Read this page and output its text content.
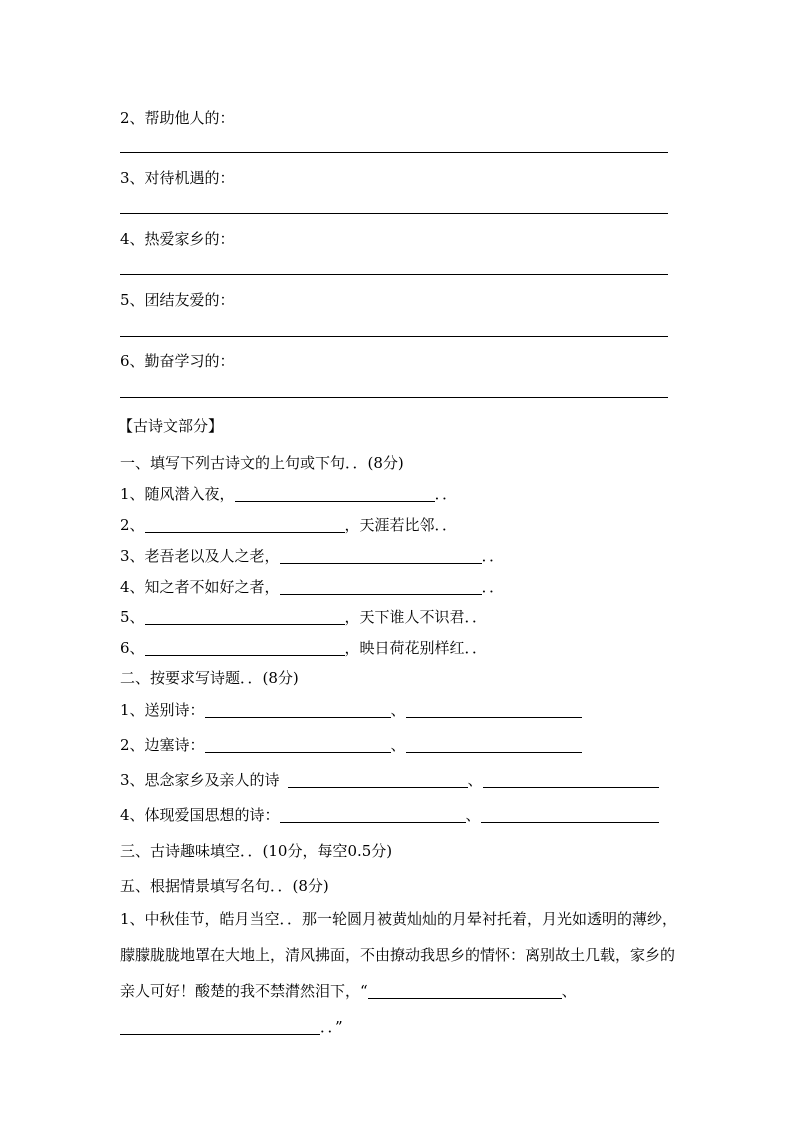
2、帮助他人的：
3、对待机遇的：
4、热爱家乡的：
5、团结友爱的：
6、勤奋学习的：
【古诗文部分】
一、填写下列古诗文的上句或下句．．(8分)
1、随风潜入夜，	．．
2、	，天涯若比邻．．
3、老吾老以及人之老，	．．
4、知之者不如好之者，	．．
5、	，天下谁人不识君．．
6、	，映日荷花别样红．．
二、按要求写诗题．．(8分)
1、送别诗：	、
2、边塞诗：	、
3、思念家乡及亲人的诗	、
4、体现爱国思想的诗：	、
三、古诗趣味填空．．(10分，每空0.5分)
五、根据情景填写名句．．(8分)
1、中秋佳节，皓月当空．．那一轮圆月被黄灿灿的月晕衬托着，月光如透明的薄纱，朦朦胧胧地罩在大地上，清风拂面，不由撩动我思乡的情怀：离别故土几载，家乡的亲人可好！酸楚的我不禁潸然泪下，“	、．．”
